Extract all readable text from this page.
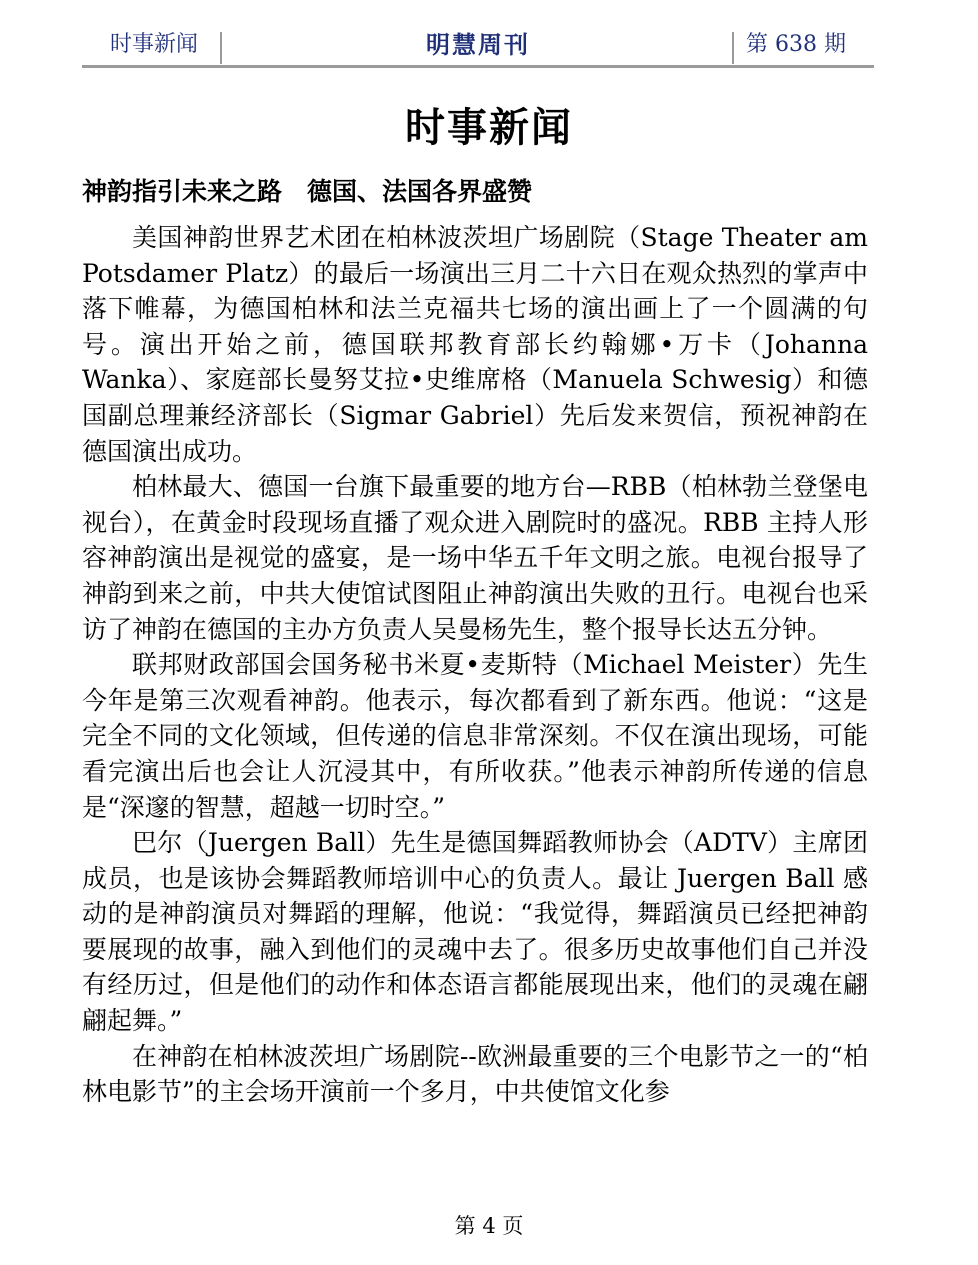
时事新闻	明慧周刊	第 638 期
时事新闻
神韵指引未来之路　德国、法国各界盛赞

美国神韵世界艺术团在柏林波茨坦广场剧院（Stage Theater am Potsdamer Platz）的最后一场演出三月二十六日在观众热烈的掌声中落下帷幕，为德国柏林和法兰克福共七场的演出画上了一个圆满的句号。演出开始之前，德国联邦教育部长约翰娜•万卡（Johanna Wanka）、家庭部长曼努艾拉•史维席格（Manuela Schwesig）和德国副总理兼经济部长（Sigmar Gabriel）先后发来贺信，预祝神韵在德国演出成功。

柏林最大、德国一台旗下最重要的地方台—RBB（柏林勃兰登堡电视台），在黄金时段现场直播了观众进入剧院时的盛况。RBB 主持人形容神韵演出是视觉的盛宴，是一场中华五千年文明之旅。电视台报导了神韵到来之前，中共大使馆试图阻止神韵演出失败的丑行。电视台也采访了神韵在德国的主办方负责人吴曼杨先生，整个报导长达五分钟。

联邦财政部国会国务秘书米夏•麦斯特（Michael Meister）先生今年是第三次观看神韵。他表示，每次都看到了新东西。他说：“这是完全不同的文化领域，但传递的信息非常深刻。不仅在演出现场，可能看完演出后也会让人沉浸其中，有所收获。”他表示神韵所传递的信息是“深邃的智慧，超越一切时空。”

巴尔（Juergen Ball）先生是德国舞蹈教师协会（ADTV）主席团成员，也是该协会舞蹈教师培训中心的负责人。最让 Juergen Ball 感动的是神韵演员对舞蹈的理解，他说：“我觉得，舞蹈演员已经把神韵要展现的故事，融入到他们的灵魂中去了。很多历史故事他们自己并没有经历过，但是他们的动作和体态语言都能展现出来，他们的灵魂在翩翩起舞。”

在神韵在柏林波茨坦广场剧院--欧洲最重要的三个电影节之一的“柏林电影节”的主会场开演前一个多月，中共使馆文化参

第 4 页
